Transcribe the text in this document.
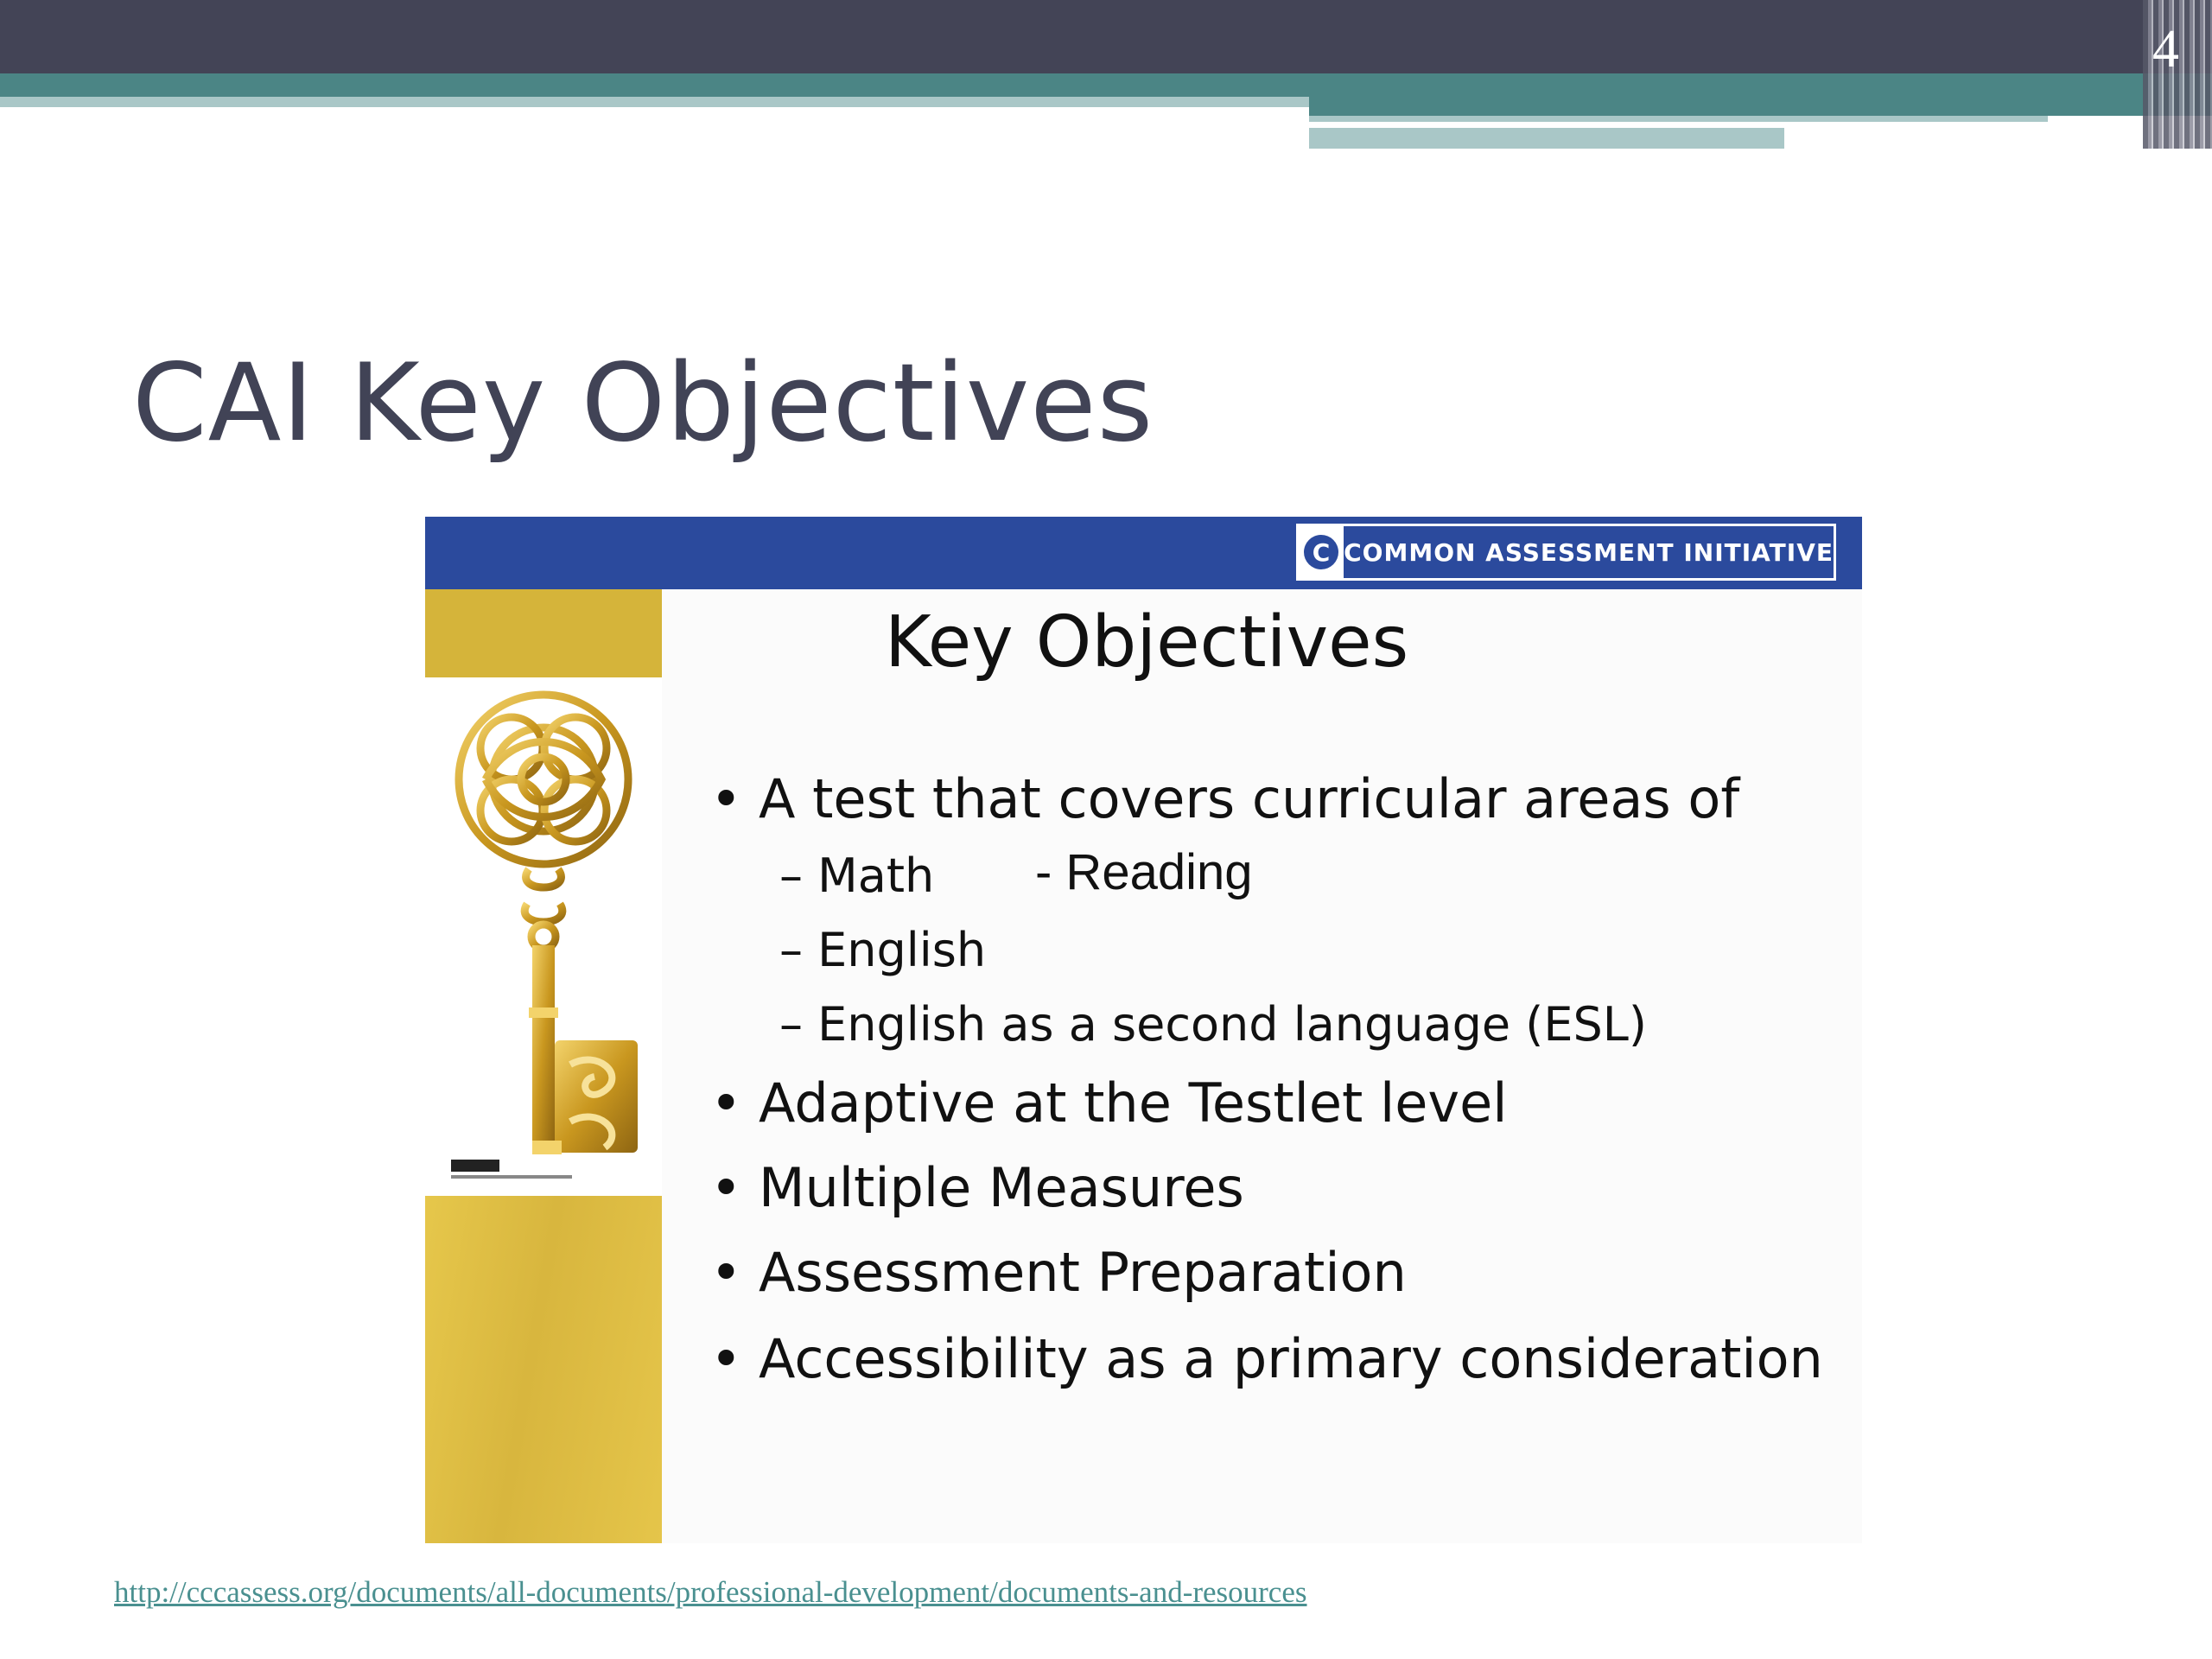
4
CAI Key Objectives
C COMMON ASSESSMENT INITIATIVE
Key Objectives
• A test that covers curricular areas of
– Math - Reading
– English
– English as a second language (ESL)
• Adaptive at the Testlet level
• Multiple Measures
• Assessment Preparation
• Accessibility as a primary consideration
http://cccassess.org/documents/all-documents/professional-development/documents-and-resources
